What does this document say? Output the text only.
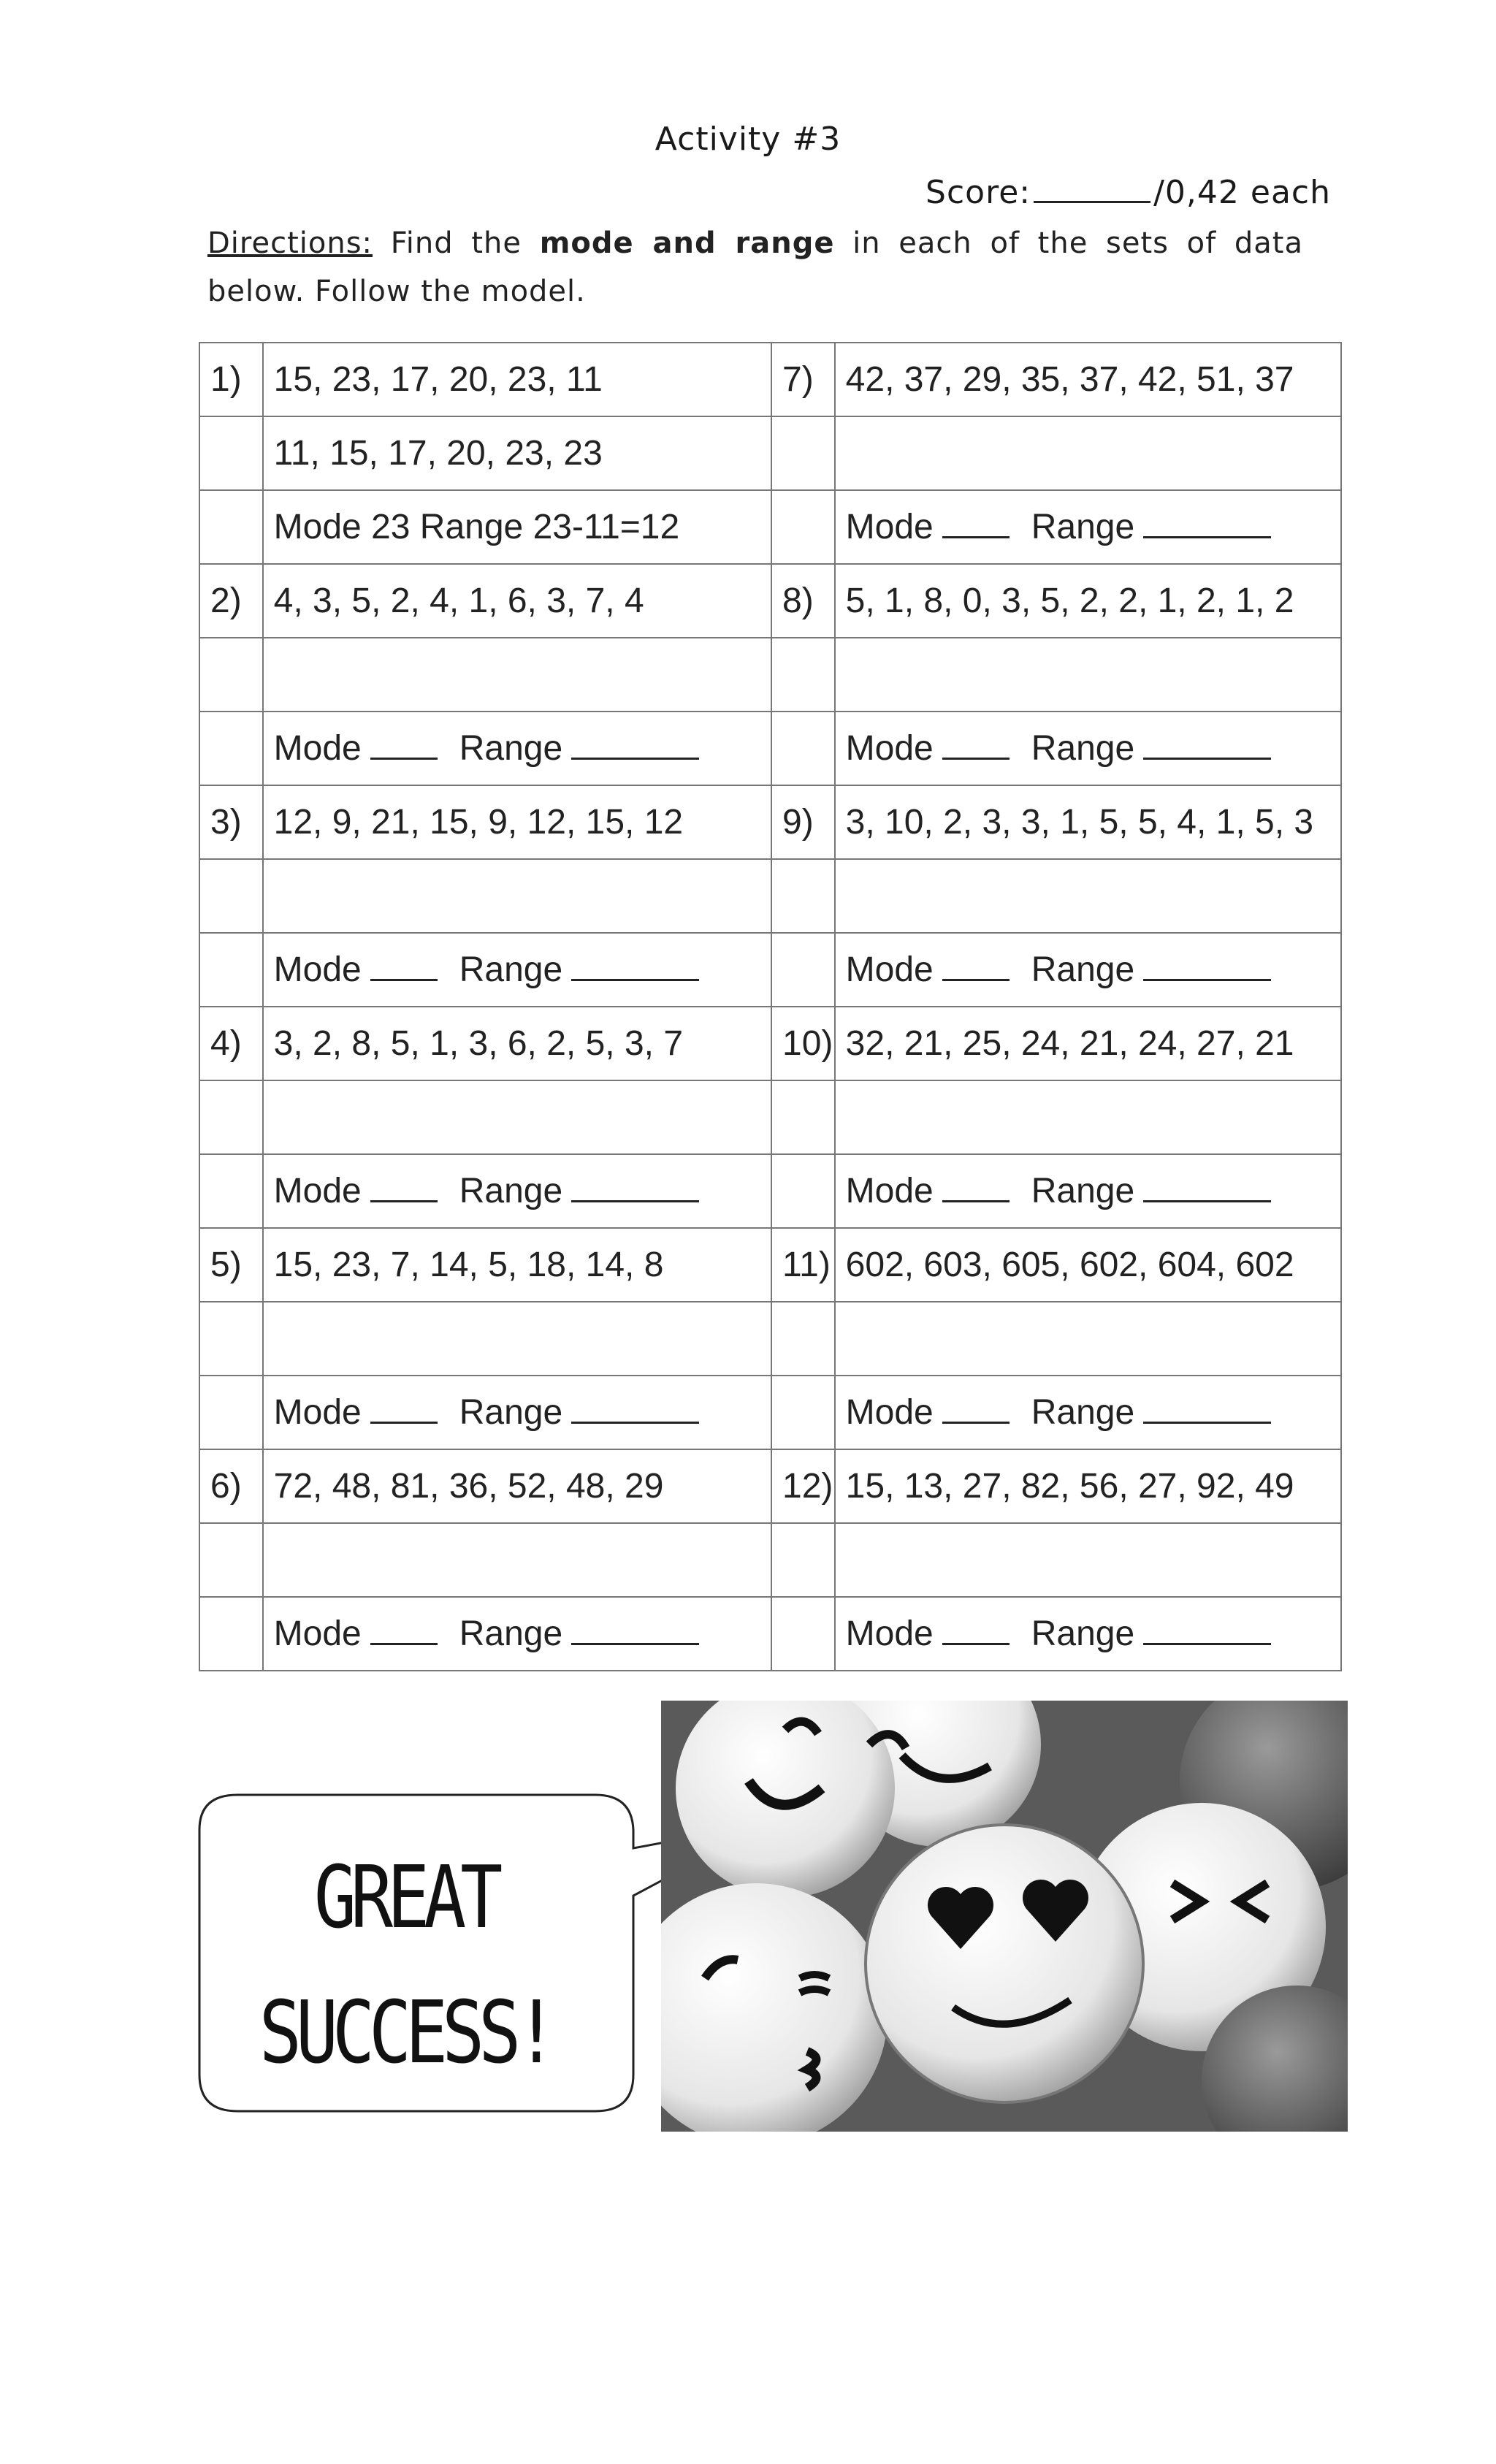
Activity #3
Score:	/0,42 each
Directions: Find the mode and range in each of the sets of data below. Follow the model.
1)	15, 23, 17, 20, 23, 11	7)	42, 37, 29, 35, 37, 42, 51, 37
	11, 15, 17, 20, 23, 23		
	Mode 23 Range 23-11=12		Mode Range
2)	4, 3, 5, 2, 4, 1, 6, 3, 7, 4	8)	5, 1, 8, 0, 3, 5, 2, 2, 1, 2, 1, 2

	Mode Range		Mode Range
3)	12, 9, 21, 15, 9, 12, 15, 12	9)	3, 10, 2, 3, 3, 1, 5, 5, 4, 1, 5, 3

	Mode Range		Mode Range
4)	3, 2, 8, 5, 1, 3, 6, 2, 5, 3, 7	10)	32, 21, 25, 24, 21, 24, 27, 21

	Mode Range		Mode Range
5)	15, 23, 7, 14, 5, 18, 14, 8	11)	602, 603, 605, 602, 604, 602

	Mode Range		Mode Range
6)	72, 48, 81, 36, 52, 48, 29	12)	15, 13, 27, 82, 56, 27, 92, 49

	Mode Range		Mode Range
GREAT
SUCCESS!
